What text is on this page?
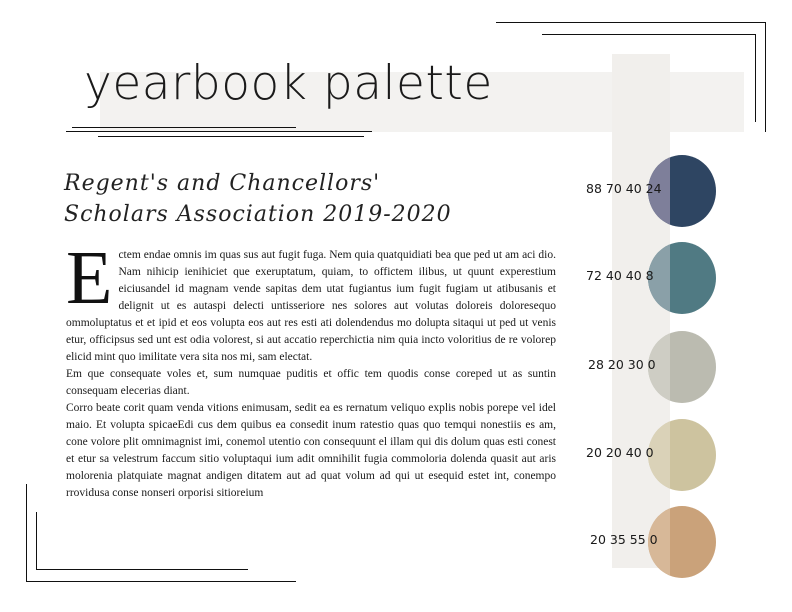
yearbook palette
Regent's and Chancellors'
Scholars Association 2019-2020

Ectem endae omnis im quas sus aut fugit fuga. Nem quia quatquidiati bea que ped ut am aci dio. Nam nihicip ienihiciet que exeruptatum, quiam, to offictem ilibus, ut quunt experestium eiciusandel id magnam vende sapitas dem utat fugiantus ium fugit fugiam ut atibusanis et delignit ut es autaspi delecti untisseriore nes solores aut volutas doloreis doloresequo ommoluptatus et et ipid et eos volupta eos aut res esti ati dolendendus mo dolupta sitaqui ut ped ut venis etur, officipsus sed unt est odia volorest, si aut accatio reperchictia nim quia incto voloritius de re volorep elicid mint quo imilitate vera sita nos mi, sam electat.

Em que consequate voles et, sum numquae puditis et offic tem quodis conse coreped ut as suntin consequam elecerias diant.

Corro beate corit quam venda vitions enimusam, sedit ea es rernatum veliquo explis nobis porepe vel idel maio. Et volupta spicaeEdi cus dem quibus ea consedit inum ratestio quas quo temqui nonestiis es am, cone volore plit omnimagnist imi, conemol utentio con consequunt el illam qui dis dolum quas esti conest et etur sa velestrum faccum sitio voluptaqui ium adit omnihilit fugia commoloria dolenda quasit aut aris molorenia platquiate magnat andigen ditatem aut ad quat volum ad qui ut esequid estet int, conempo rrovidusa conse nonseri orporisi sitioreium

88 70 40 24
72 40 40 8
28 20 30 0
20 20 40 0
20 35 55 0
